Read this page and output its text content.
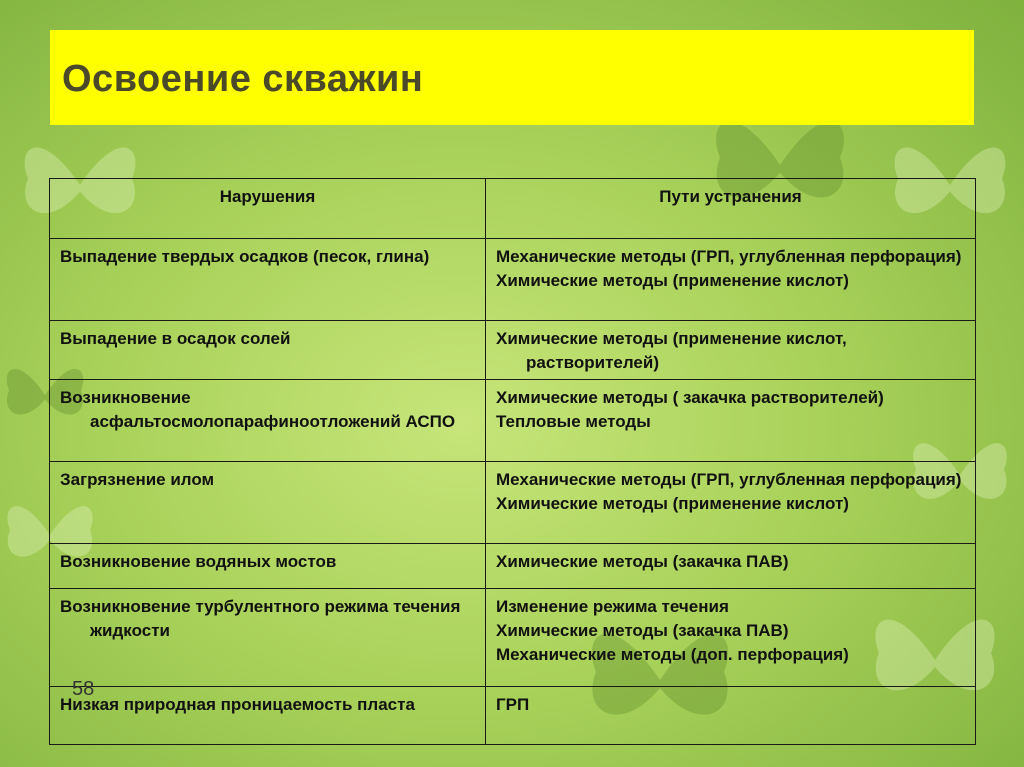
Освоение скважин
Нарушения	Пути устранения
Выпадение твердых осадков (песок, глина)	Механические методы (ГРП, углубленная перфорация)
Химические методы (применение кислот)

Выпадение в осадок солей	Химические методы (применение кислот, растворителей)

Возникновение асфальтосмолопарафиноотложений АСПО	Химические методы ( закачка растворителей)
Тепловые методы

Загрязнение илом	Механические методы (ГРП, углубленная перфорация)
Химические методы (применение кислот)

Возникновение водяных мостов	Химические методы (закачка ПАВ)

Возникновение турбулентного режима течения жидкости	Изменение режима течения
Химические методы (закачка ПАВ)
Механические методы (доп. перфорация)

Низкая природная проницаемость пласта	ГРП
58
